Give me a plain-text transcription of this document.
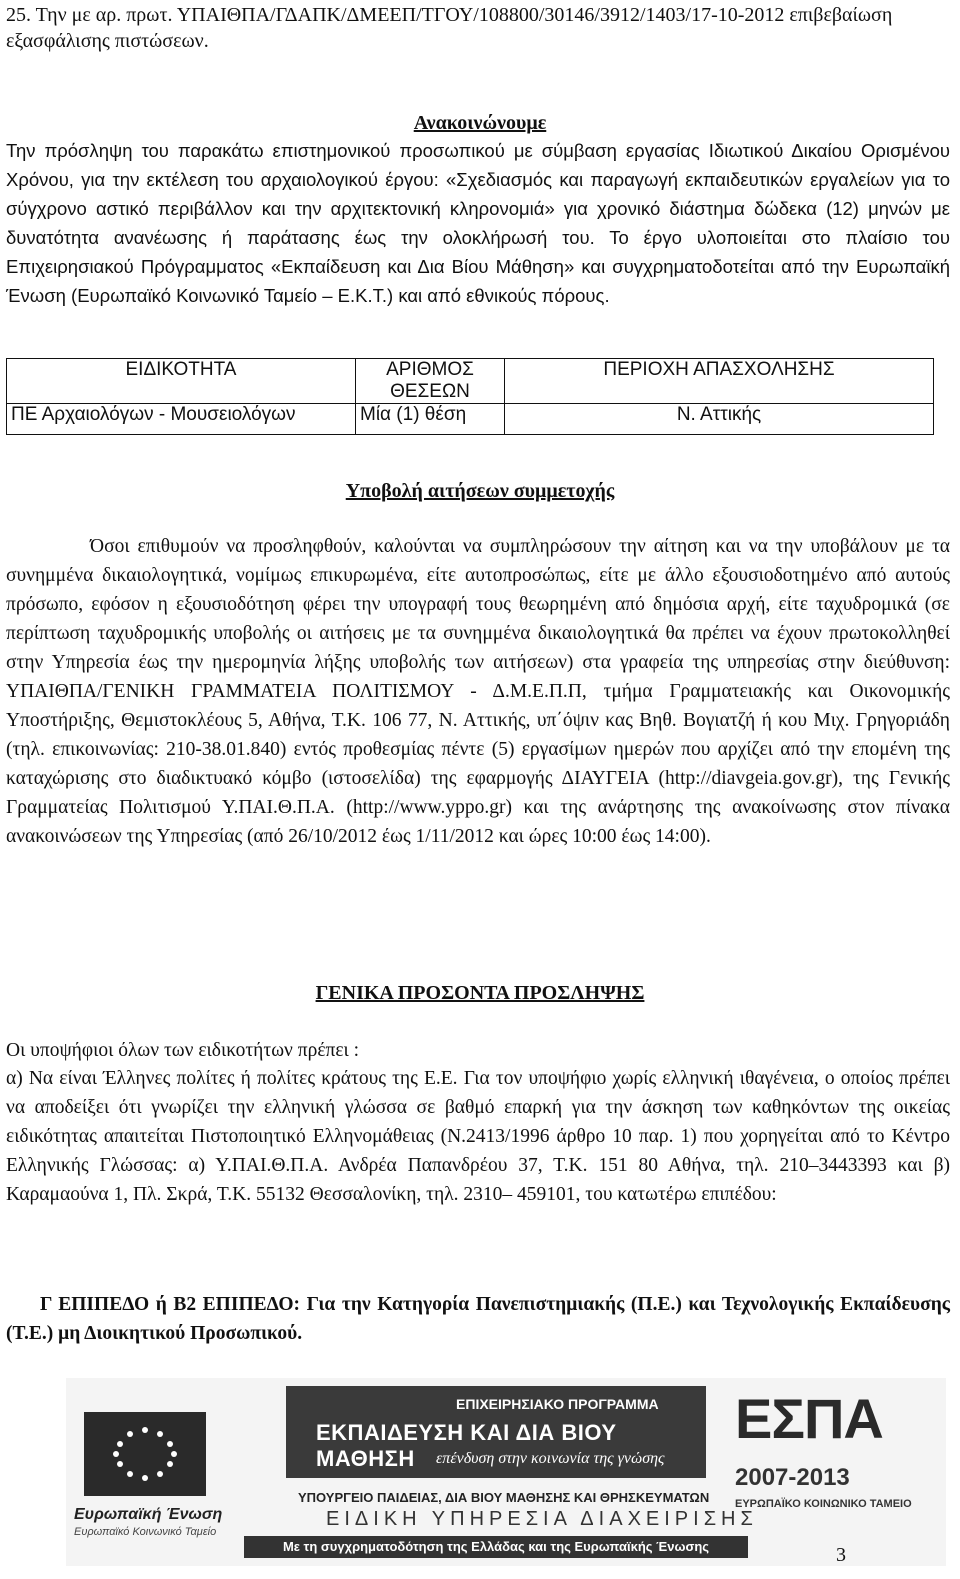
25. Την με αρ. πρωτ. ΥΠΑΙΘΠΑ/ΓΔΑΠΚ/ΔΜΕΕΠ/ΤΓΟΥ/108800/30146/3912/1403/17-10-2012 επιβεβαίωση εξασφάλισης πιστώσεων.
Ανακοινώνουμε
Την πρόσληψη του παρακάτω επιστημονικού προσωπικού με σύμβαση εργασίας Ιδιωτικού Δικαίου Ορισμένου Χρόνου, για την εκτέλεση του αρχαιολογικού έργου: «Σχεδιασμός και παραγωγή εκπαιδευτικών εργαλείων για το σύγχρονο αστικό περιβάλλον και την αρχιτεκτονική κληρονομιά» για χρονικό διάστημα δώδεκα (12) μηνών με δυνατότητα ανανέωσης ή παράτασης έως την ολοκλήρωσή του. Το έργο υλοποιείται στο πλαίσιο του Επιχειρησιακού Πρόγραμματος «Εκπαίδευση και Δια Βίου Μάθηση» και συγχρηματοδοτείται από την Ευρωπαϊκή Ένωση (Ευρωπαϊκό Κοινωνικό Ταμείο – Ε.Κ.Τ.) και από εθνικούς πόρους.
ΕΙΔΙΚΟΤΗΤΑ	ΑΡΙΘΜΟΣ ΘΕΣΕΩΝ	ΠΕΡΙΟΧΗ ΑΠΑΣΧΟΛΗΣΗΣ
ΠΕ Αρχαιολόγων - Μουσειολόγων	Μία (1) θέση	Ν. Αττικής
Υποβολή αιτήσεων συμμετοχής
Όσοι επιθυμούν να προσληφθούν, καλούνται να συμπληρώσουν την αίτηση και να την υποβάλουν με τα συνημμένα δικαιολογητικά, νομίμως επικυρωμένα, είτε αυτοπροσώπως, είτε με άλλο εξουσιοδοτημένο από αυτούς πρόσωπο, εφόσον η εξουσιοδότηση φέρει την υπογραφή τους θεωρημένη από δημόσια αρχή, είτε ταχυδρομικά (σε περίπτωση ταχυδρομικής υποβολής οι αιτήσεις με τα συνημμένα δικαιολογητικά θα πρέπει να έχουν πρωτοκολληθεί στην Υπηρεσία έως την ημερομηνία λήξης υποβολής των αιτήσεων) στα γραφεία της υπηρεσίας στην διεύθυνση: ΥΠΑΙΘΠΑ/ΓΕΝΙΚΗ ΓΡΑΜΜΑΤΕΙΑ ΠΟΛΙΤΙΣΜΟΥ - Δ.Μ.Ε.Π.Π, τμήμα Γραμματειακής και Οικονομικής Υποστήριξης, Θεμιστοκλέους 5, Αθήνα, Τ.Κ. 106 77, Ν. Αττικής, υπ΄όψιν κας Βηθ. Βογιατζή ή κου Μιχ. Γρηγοριάδη (τηλ. επικοινωνίας: 210-38.01.840) εντός προθεσμίας πέντε (5) εργασίμων ημερών που αρχίζει από την επομένη της καταχώρισης στο διαδικτυακό κόμβο (ιστοσελίδα) της εφαρμογής ΔΙΑΥΓΕΙΑ (http://diavgeia.gov.gr), της Γενικής Γραμματείας Πολιτισμού Υ.ΠΑΙ.Θ.Π.Α. (http://www.yppo.gr) και της ανάρτησης της ανακοίνωσης στον πίνακα ανακοινώσεων της Υπηρεσίας (από 26/10/2012 έως 1/11/2012 και ώρες 10:00 έως 14:00).
ΓΕΝΙΚΑ ΠΡΟΣΟΝΤΑ ΠΡΟΣΛΗΨΗΣ
Οι υποψήφιοι όλων των ειδικοτήτων πρέπει :
α) Να είναι Έλληνες πολίτες ή πολίτες κράτους της Ε.Ε. Για τον υποψήφιο χωρίς ελληνική ιθαγένεια, ο οποίος πρέπει να αποδείξει ότι γνωρίζει την ελληνική γλώσσα σε βαθμό επαρκή για την άσκηση των καθηκόντων της οικείας ειδικότητας απαιτείται Πιστοποιητικό Ελληνομάθειας (Ν.2413/1996 άρθρο 10 παρ. 1) που χορηγείται από το Κέντρο Ελληνικής Γλώσσας: α) Υ.ΠΑΙ.Θ.Π.Α. Ανδρέα Παπανδρέου 37, Τ.Κ. 151 80 Αθήνα, τηλ. 210–3443393 και β) Καραμαούνα 1, Πλ. Σκρά, Τ.Κ. 55132 Θεσσαλονίκη, τηλ. 2310– 459101, του κατωτέρω επιπέδου:
Γ ΕΠΙΠΕΔΟ ή Β2 ΕΠΙΠΕΔΟ: Για την Κατηγορία Πανεπιστημιακής (Π.Ε.) και Τεχνολογικής Εκπαίδευσης (Τ.Ε.) μη Διοικητικού Προσωπικού.
Ευρωπαϊκή Ένωση
Ευρωπαϊκό Κοινωνικό Ταμείο
ΕΠΙΧΕΙΡΗΣΙΑΚΟ ΠΡΟΓΡΑΜΜΑ
ΕΚΠΑΙΔΕΥΣΗ ΚΑΙ ΔΙΑ ΒΙΟΥ ΜΑΘΗΣΗ	επένδυση στην κοινωνία της γνώσης
ΥΠΟΥΡΓΕΙΟ ΠΑΙΔΕΙΑΣ, ΔΙΑ ΒΙΟΥ ΜΑΘΗΣΗΣ ΚΑΙ ΘΡΗΣΚΕΥΜΑΤΩΝ
ΕΙΔΙΚΗ ΥΠΗΡΕΣΙΑ ΔΙΑΧΕΙΡΙΣΗΣ
Με τη συγχρηματοδότηση της Ελλάδας και της Ευρωπαϊκής Ένωσης
ΕΣΠΑ
2007-2013
ΕΥΡΩΠΑΪΚΟ ΚΟΙΝΩΝΙΚΟ ΤΑΜΕΙΟ
3
